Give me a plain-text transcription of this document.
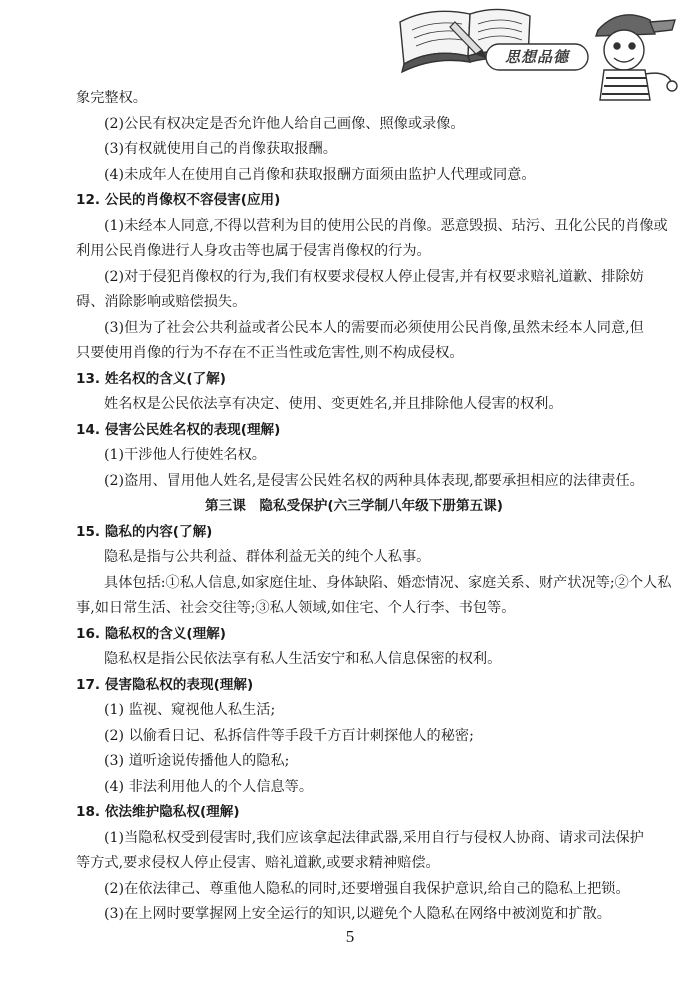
思想品德
象完整权。
(2)公民有权决定是否允许他人给自己画像、照像或录像。
(3)有权就使用自己的肖像获取报酬。
(4)未成年人在使用自己肖像和获取报酬方面须由监护人代理或同意。
12. 公民的肖像权不容侵害(应用)
(1)未经本人同意,不得以营利为目的使用公民的肖像。恶意毁损、玷污、丑化公民的肖像或
利用公民肖像进行人身攻击等也属于侵害肖像权的行为。
(2)对于侵犯肖像权的行为,我们有权要求侵权人停止侵害,并有权要求赔礼道歉、排除妨
碍、消除影响或赔偿损失。
(3)但为了社会公共利益或者公民本人的需要而必须使用公民肖像,虽然未经本人同意,但
只要使用肖像的行为不存在不正当性或危害性,则不构成侵权。
13. 姓名权的含义(了解)
姓名权是公民依法享有决定、使用、变更姓名,并且排除他人侵害的权利。
14. 侵害公民姓名权的表现(理解)
(1)干涉他人行使姓名权。
(2)盗用、冒用他人姓名,是侵害公民姓名权的两种具体表现,都要承担相应的法律责任。
第三课　隐私受保护(六三学制八年级下册第五课)
15. 隐私的内容(了解)
隐私是指与公共利益、群体利益无关的纯个人私事。
具体包括:①私人信息,如家庭住址、身体缺陷、婚恋情况、家庭关系、财产状况等;②个人私
事,如日常生活、社会交往等;③私人领域,如住宅、个人行李、书包等。
16. 隐私权的含义(理解)
隐私权是指公民依法享有私人生活安宁和私人信息保密的权利。
17. 侵害隐私权的表现(理解)
(1) 监视、窥视他人私生活;
(2) 以偷看日记、私拆信件等手段千方百计刺探他人的秘密;
(3) 道听途说传播他人的隐私;
(4) 非法利用他人的个人信息等。
18. 依法维护隐私权(理解)
(1)当隐私权受到侵害时,我们应该拿起法律武器,采用自行与侵权人协商、请求司法保护
等方式,要求侵权人停止侵害、赔礼道歉,或要求精神赔偿。
(2)在依法律己、尊重他人隐私的同时,还要增强自我保护意识,给自己的隐私上把锁。
(3)在上网时要掌握网上安全运行的知识,以避免个人隐私在网络中被浏览和扩散。
5
